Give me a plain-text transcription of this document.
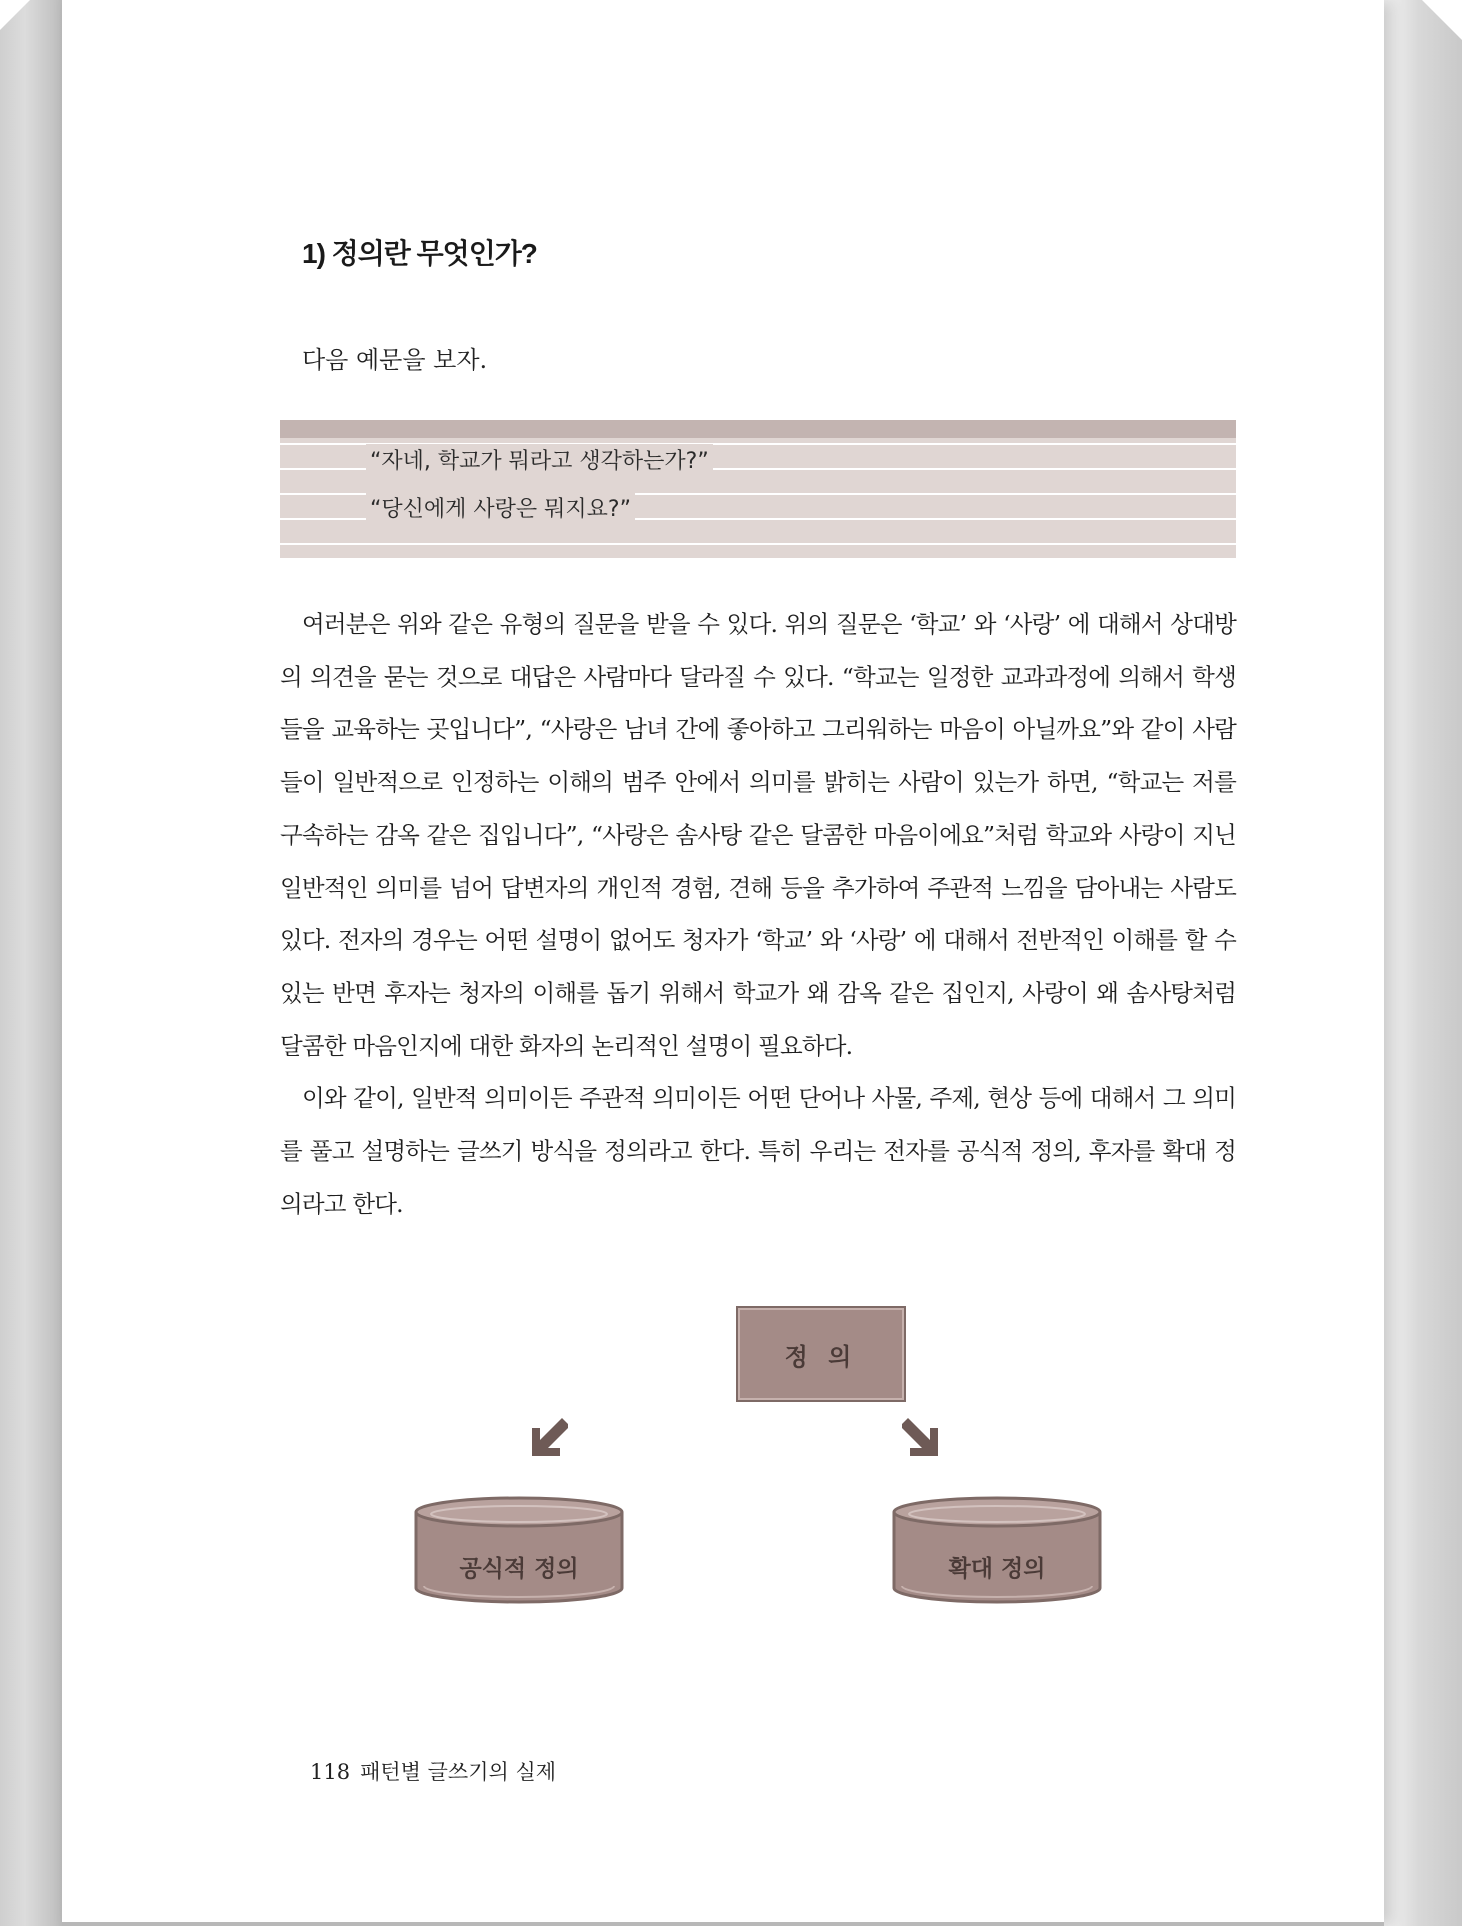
1) 정의란 무엇인가?
다음 예문을 보자.
“자네, 학교가 뭐라고 생각하는가?”
“당신에게 사랑은 뭐지요?”

여러분은 위와 같은 유형의 질문을 받을 수 있다. 위의 질문은 ‘학교’ 와 ‘사랑’ 에 대해서 상대방의 의견을 묻는 것으로 대답은 사람마다 달라질 수 있다. “학교는 일정한 교과과정에 의해서 학생들을 교육하는 곳입니다”, “사랑은 남녀 간에 좋아하고 그리워하는 마음이 아닐까요”와 같이 사람들이 일반적으로 인정하는 이해의 범주 안에서 의미를 밝히는 사람이 있는가 하면, “학교는 저를 구속하는 감옥 같은 집입니다”, “사랑은 솜사탕 같은 달콤한 마음이에요”처럼 학교와 사랑이 지닌 일반적인 의미를 넘어 답변자의 개인적 경험, 견해 등을 추가하여 주관적 느낌을 담아내는 사람도 있다. 전자의 경우는 어떤 설명이 없어도 청자가 ‘학교’ 와 ‘사랑’ 에 대해서 전반적인 이해를 할 수 있는 반면 후자는 청자의 이해를 돕기 위해서 학교가 왜 감옥 같은 집인지, 사랑이 왜 솜사탕처럼 달콤한 마음인지에 대한 화자의 논리적인 설명이 필요하다.

이와 같이, 일반적 의미이든 주관적 의미이든 어떤 단어나 사물, 주제, 현상 등에 대해서 그 의미를 풀고 설명하는 글쓰기 방식을 정의라고 한다. 특히 우리는 전자를 공식적 정의, 후자를 확대 정의라고 한다.

정 의
공식적 정의	확대 정의
118 패턴별 글쓰기의 실제
